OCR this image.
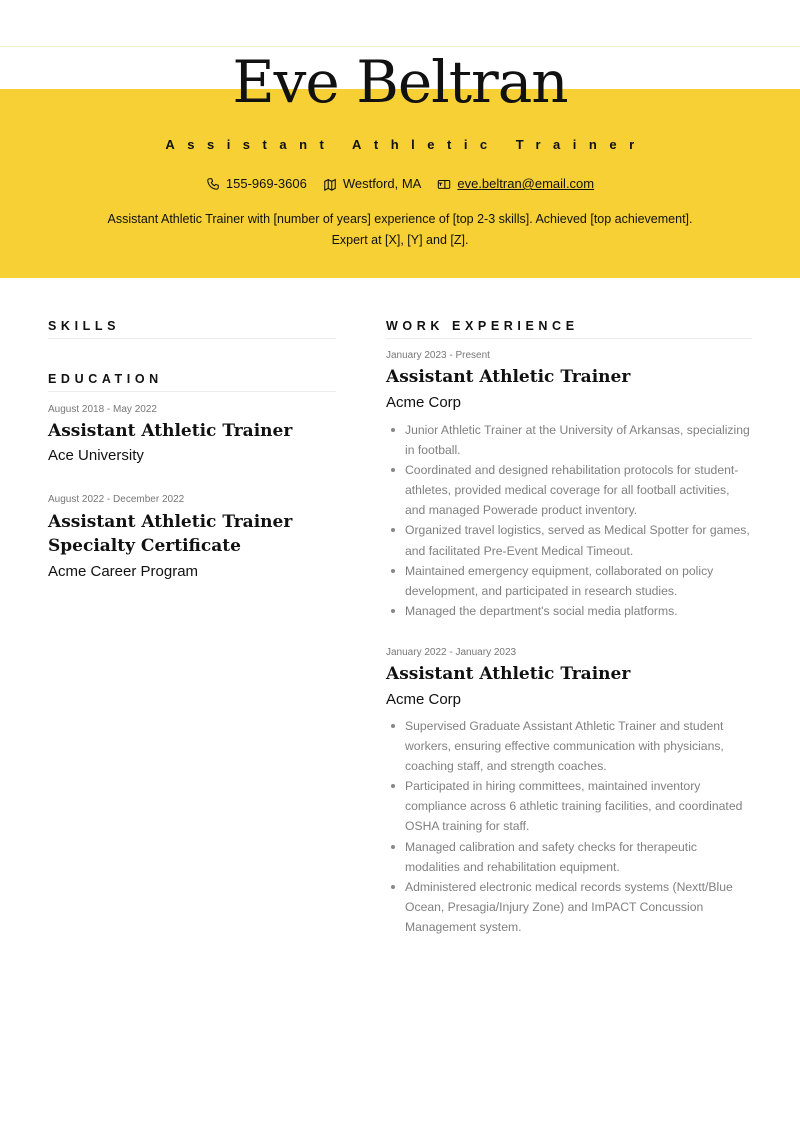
Eve Beltran
Assistant Athletic Trainer
155-969-3606	Westford, MA	eve.beltran@email.com
Assistant Athletic Trainer with [number of years] experience of [top 2-3 skills]. Achieved [top achievement]. Expert at [X], [Y] and [Z].
SKILLS
EDUCATION
August 2018 - May 2022
Assistant Athletic Trainer
Ace University
August 2022 - December 2022
Assistant Athletic Trainer Specialty Certificate
Acme Career Program
WORK EXPERIENCE
January 2023 - Present
Assistant Athletic Trainer
Acme Corp
Junior Athletic Trainer at the University of Arkansas, specializing in football.
Coordinated and designed rehabilitation protocols for student-athletes, provided medical coverage for all football activities, and managed Powerade product inventory.
Organized travel logistics, served as Medical Spotter for games, and facilitated Pre-Event Medical Timeout.
Maintained emergency equipment, collaborated on policy development, and participated in research studies.
Managed the department's social media platforms.
January 2022 - January 2023
Assistant Athletic Trainer
Acme Corp
Supervised Graduate Assistant Athletic Trainer and student workers, ensuring effective communication with physicians, coaching staff, and strength coaches.
Participated in hiring committees, maintained inventory compliance across 6 athletic training facilities, and coordinated OSHA training for staff.
Managed calibration and safety checks for therapeutic modalities and rehabilitation equipment.
Administered electronic medical records systems (Nextt/Blue Ocean, Presagia/Injury Zone) and ImPACT Concussion Management system.
